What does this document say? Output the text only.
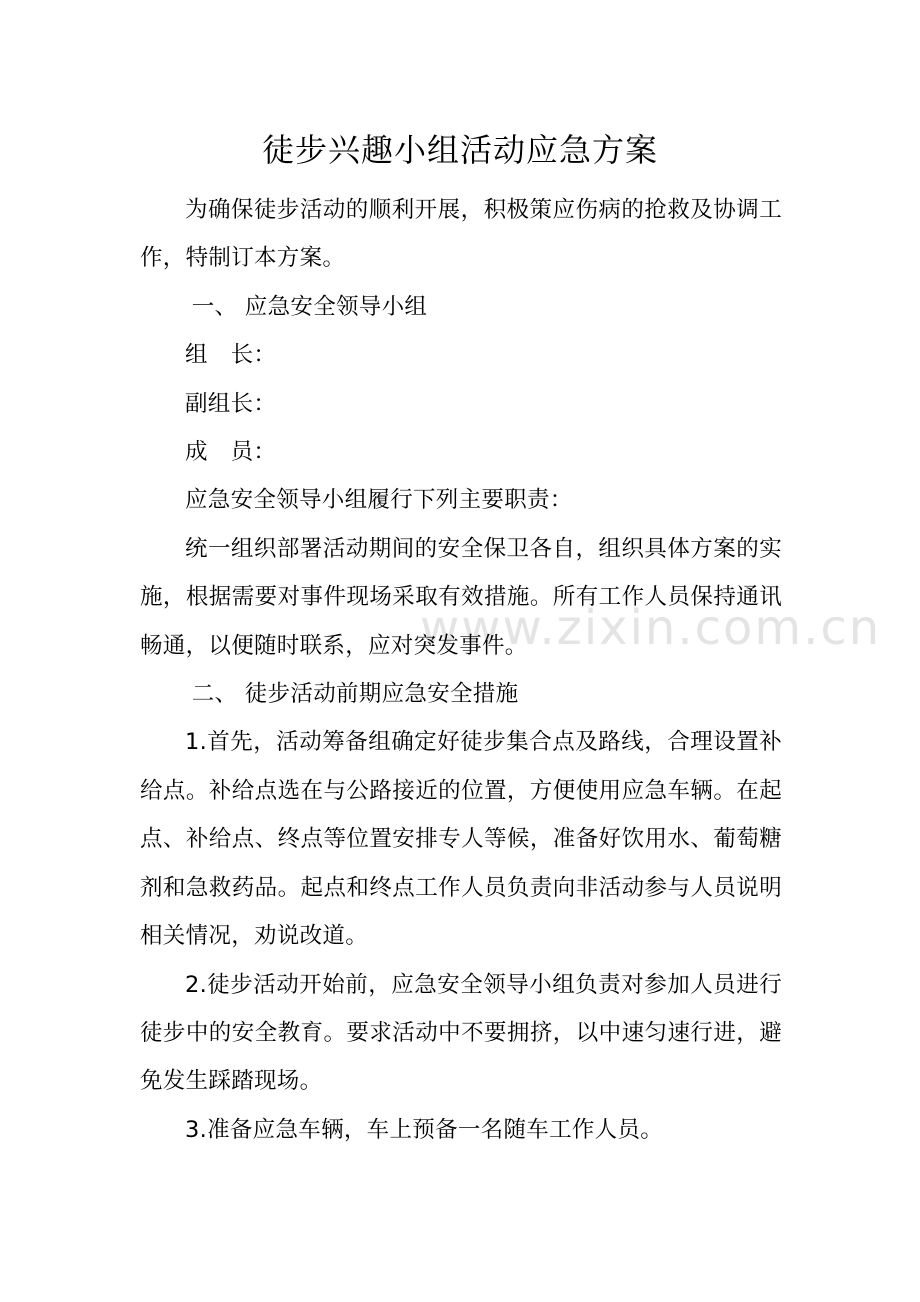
www.zixin.com.cn
徒步兴趣小组活动应急方案

为确保徒步活动的顺利开展，积极策应伤病的抢救及协调工作，特制订本方案。

一、 应急安全领导小组

组　长：

副组长：

成　员：

应急安全领导小组履行下列主要职责：

统一组织部署活动期间的安全保卫各自，组织具体方案的实施，根据需要对事件现场采取有效措施。所有工作人员保持通讯畅通，以便随时联系，应对突发事件。

二、 徒步活动前期应急安全措施

1.首先，活动筹备组确定好徒步集合点及路线，合理设置补给点。补给点选在与公路接近的位置，方便使用应急车辆。在起点、补给点、终点等位置安排专人等候，准备好饮用水、葡萄糖剂和急救药品。起点和终点工作人员负责向非活动参与人员说明相关情况，劝说改道。

2.徒步活动开始前，应急安全领导小组负责对参加人员进行徒步中的安全教育。要求活动中不要拥挤，以中速匀速行进，避免发生踩踏现场。

3.准备应急车辆，车上预备一名随车工作人员。
